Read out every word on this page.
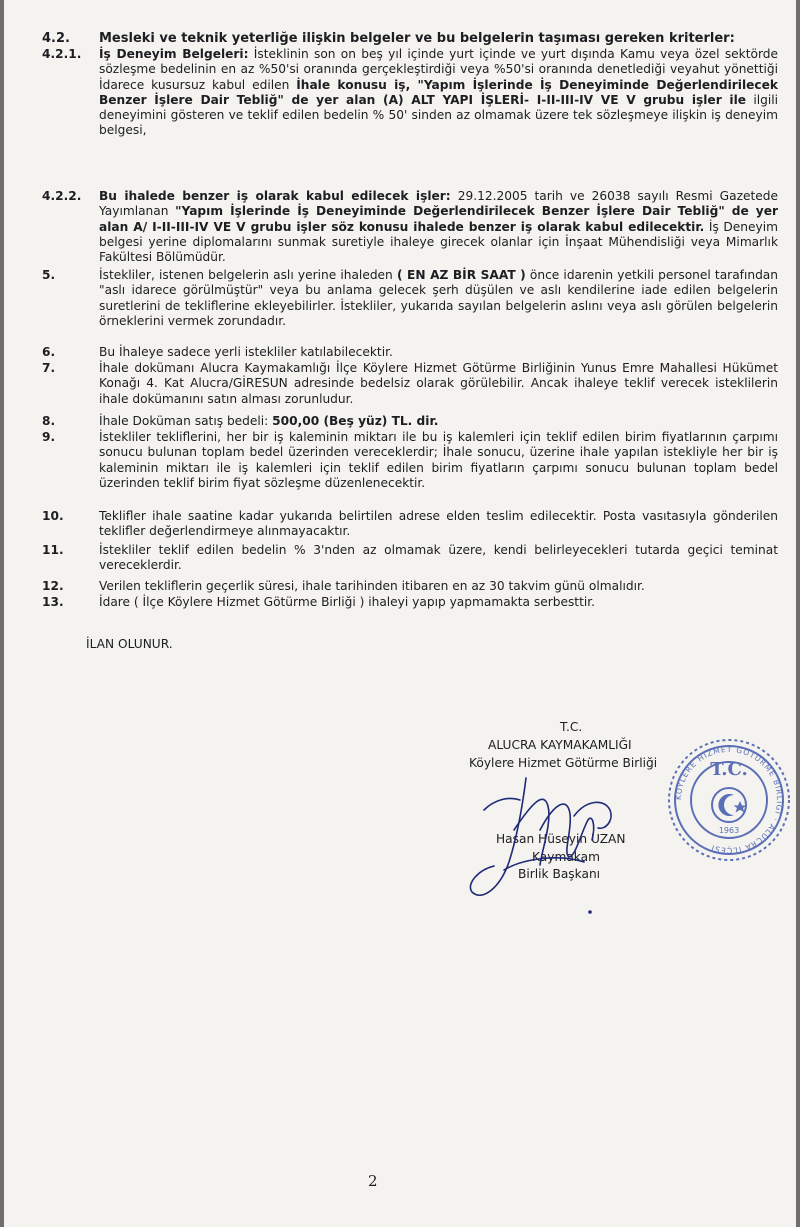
4.2.	Mesleki ve teknik yeterliğe ilişkin belgeler ve bu belgelerin taşıması gereken kriterler:
4.2.1.	İş Deneyim Belgeleri: İsteklinin son on beş yıl içinde yurt içinde ve yurt dışında Kamu veya özel sektörde sözleşme bedelinin en az %50'si oranında gerçekleştirdiği veya %50'si oranında denetlediği veyahut yönettiği İdarece kusursuz kabul edilen İhale konusu iş, "Yapım İşlerinde İş Deneyiminde Değerlendirilecek Benzer İşlere Dair Tebliğ" de yer alan (A) ALT YAPI İŞLERİ- I-II-III-IV VE V grubu işler ile ilgili deneyimini gösteren ve teklif edilen bedelin % 50' sinden az olmamak üzere tek sözleşmeye ilişkin iş deneyim belgesi,
4.2.2.	Bu ihalede benzer iş olarak kabul edilecek işler: 29.12.2005 tarih ve 26038 sayılı Resmi Gazetede Yayımlanan "Yapım İşlerinde İş Deneyiminde Değerlendirilecek Benzer İşlere Dair Tebliğ" de yer alan A/ I-II-III-IV VE V grubu işler söz konusu ihalede benzer iş olarak kabul edilecektir. İş Deneyim belgesi yerine diplomalarını sunmak suretiyle ihaleye girecek olanlar için İnşaat Mühendisliği veya Mimarlık Fakültesi Bölümüdür.
5.	İstekliler, istenen belgelerin aslı yerine ihaleden ( EN AZ BİR SAAT ) önce idarenin yetkili personel tarafından "aslı idarece görülmüştür" veya bu anlama gelecek şerh düşülen ve aslı kendilerine iade edilen belgelerin suretlerini de tekliflerine ekleyebilirler. İstekliler, yukarıda sayılan belgelerin aslını veya aslı görülen belgelerin örneklerini vermek zorundadır.
6.	Bu İhaleye sadece yerli istekliler katılabilecektir.
7.	İhale dokümanı Alucra Kaymakamlığı İlçe Köylere Hizmet Götürme Birliğinin Yunus Emre Mahallesi Hükümet Konağı 4. Kat Alucra/GİRESUN adresinde bedelsiz olarak görülebilir. Ancak ihaleye teklif verecek isteklilerin ihale dokümanını satın alması zorunludur.
8.	İhale Doküman satış bedeli: 500,00 (Beş yüz) TL. dir.
9.	İstekliler tekliflerini, her bir iş kaleminin miktarı ile bu iş kalemleri için teklif edilen birim fiyatlarının çarpımı sonucu bulunan toplam bedel üzerinden vereceklerdir; İhale sonucu, üzerine ihale yapılan istekliyle her bir iş kaleminin miktarı ile iş kalemleri için teklif edilen birim fiyatların çarpımı sonucu bulunan toplam bedel üzerinden teklif birim fiyat sözleşme düzenlenecektir.
10.	Teklifler ihale saatine kadar yukarıda belirtilen adrese elden teslim edilecektir. Posta vasıtasıyla gönderilen teklifler değerlendirmeye alınmayacaktır.
11.	İstekliler teklif edilen bedelin % 3'nden az olmamak üzere, kendi belirleyecekleri tutarda geçici teminat vereceklerdir.
12.	Verilen tekliflerin geçerlik süresi, ihale tarihinden itibaren en az 30 takvim günü olmalıdır.
13.	İdare ( İlçe Köylere Hizmet Götürme Birliği ) ihaleyi yapıp yapmamakta serbesttir.
İLAN OLUNUR.
T.C.
ALUCRA KAYMAKAMLIĞI
Köylere Hizmet Götürme Birliği
Hasan Hüseyin UZAN
Kaymakam
Birlik Başkanı
KÖYLERE HİZMET GÖTÜRME BİRLİĞİ · ALUCRA İLÇESİ
T.C.
1963
2
